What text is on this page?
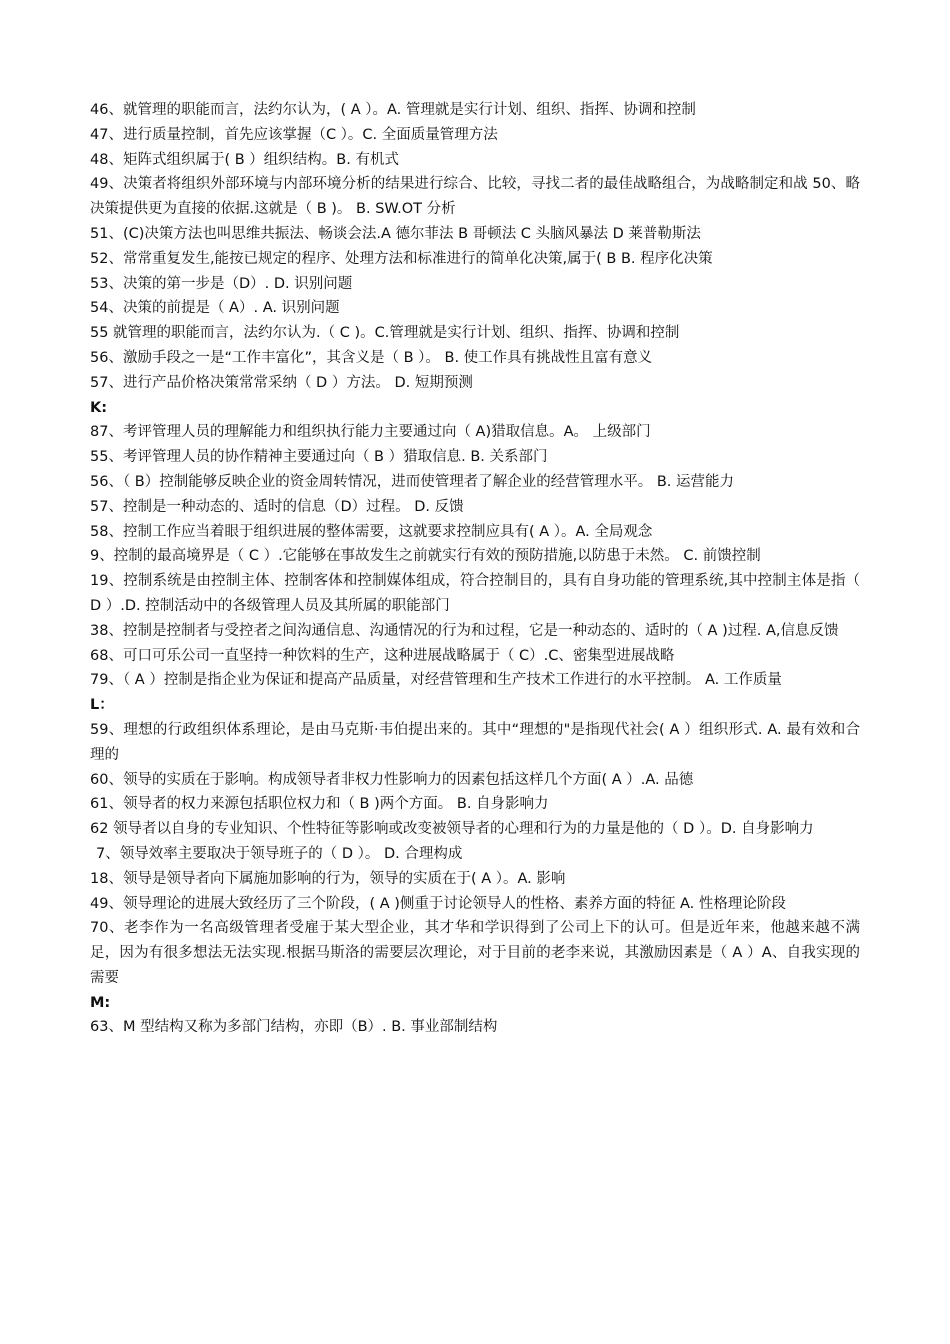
46、就管理的职能而言，法约尔认为，( A ）。A. 管理就是实行计划、组织、指挥、协调和控制

47、进行质量控制，首先应该掌握（C ）。C. 全面质量管理方法

48、矩阵式组织属于( B ）组织结构。B. 有机式

49、决策者将组织外部环境与内部环境分析的结果进行综合、比较，寻找二者的最佳战略组合，为战略制定和战 50、略决策提供更为直接的依据.这就是（ B )。 B. SW.OT 分析

51、(C)决策方法也叫思维共振法、畅谈会法.A 德尔菲法 B 哥顿法 C 头脑风暴法 D 莱普勒斯法

52、常常重复发生,能按已规定的程序、处理方法和标准进行的简单化决策,属于( B B. 程序化决策

53、决策的第一步是（D）. D. 识别问题

54、决策的前提是（ A）. A. 识别问题

55 就管理的职能而言，法约尔认为.（ C )。C.管理就是实行计划、组织、指挥、协调和控制

56、激励手段之一是“工作丰富化”，其含义是（ B ）。 B. 使工作具有挑战性且富有意义

57、进行产品价格决策常常采纳（ D ）方法。 D. 短期预测

K:

87、考评管理人员的理解能力和组织执行能力主要通过向（ A)猎取信息。A。 上级部门

55、考评管理人员的协作精神主要通过向（ B ）猎取信息. B. 关系部门

56、（ B）控制能够反映企业的资金周转情况，进而使管理者了解企业的经营管理水平。 B. 运营能力

57、控制是一种动态的、适时的信息（D）过程。 D. 反馈

58、控制工作应当着眼于组织进展的整体需要，这就要求控制应具有( A ）。A. 全局观念

9、控制的最高境界是（ C ）.它能够在事故发生之前就实行有效的预防措施,以防患于未然。 C. 前馈控制

19、控制系统是由控制主体、控制客体和控制媒体组成，符合控制目的，具有自身功能的管理系统,其中控制主体是指（ D ）.D. 控制活动中的各级管理人员及其所属的职能部门

38、控制是控制者与受控者之间沟通信息、沟通情况的行为和过程，它是一种动态的、适时的（ A )过程. A,信息反馈

68、可口可乐公司一直坚持一种饮料的生产，这种进展战略属于（ C）.C、密集型进展战略

79、（ A ）控制是指企业为保证和提高产品质量，对经营管理和生产技术工作进行的水平控制。 A. 工作质量

L：

59、理想的行政组织体系理论，是由马克斯·韦伯提出来的。其中“理想的"是指现代社会( A ）组织形式. A. 最有效和合理的

60、领导的实质在于影响。构成领导者非权力性影响力的因素包括这样几个方面( A ）.A. 品德

61、领导者的权力来源包括职位权力和（ B )两个方面。 B. 自身影响力

62 领导者以自身的专业知识、个性特征等影响或改变被领导者的心理和行为的力量是他的（ D ）。D. 自身影响力

7、领导效率主要取决于领导班子的（ D ）。 D. 合理构成

18、领导是领导者向下属施加影响的行为，领导的实质在于( A ）。A. 影响

49、领导理论的进展大致经历了三个阶段，( A )侧重于讨论领导人的性格、素养方面的特征 A. 性格理论阶段

70、老李作为一名高级管理者受雇于某大型企业，其才华和学识得到了公司上下的认可。但是近年来，他越来越不满足，因为有很多想法无法实现.根据马斯洛的需要层次理论，对于目前的老李来说，其激励因素是（ A ）A、自我实现的需要

M:

63、M 型结构又称为多部门结构，亦即（B）. B. 事业部制结构
